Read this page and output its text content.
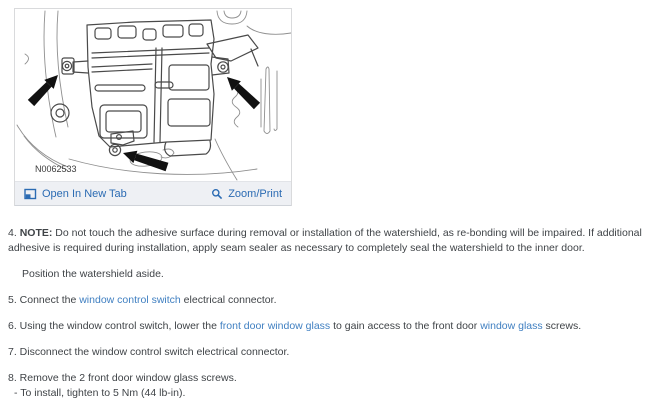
N0062533
Open In New Tab	Zoom/Print

4. NOTE: Do not touch the adhesive surface during removal or installation of the watershield, as re-bonding will be impaired. If additional adhesive is required during installation, apply seam sealer as necessary to completely seal the watershield to the inner door.

Position the watershield aside.

5. Connect the window control switch electrical connector.

6. Using the window control switch, lower the front door window glass to gain access to the front door window glass screws.

7. Disconnect the window control switch electrical connector.

8. Remove the 2 front door window glass screws.

- To install, tighten to 5 Nm (44 lb-in).
